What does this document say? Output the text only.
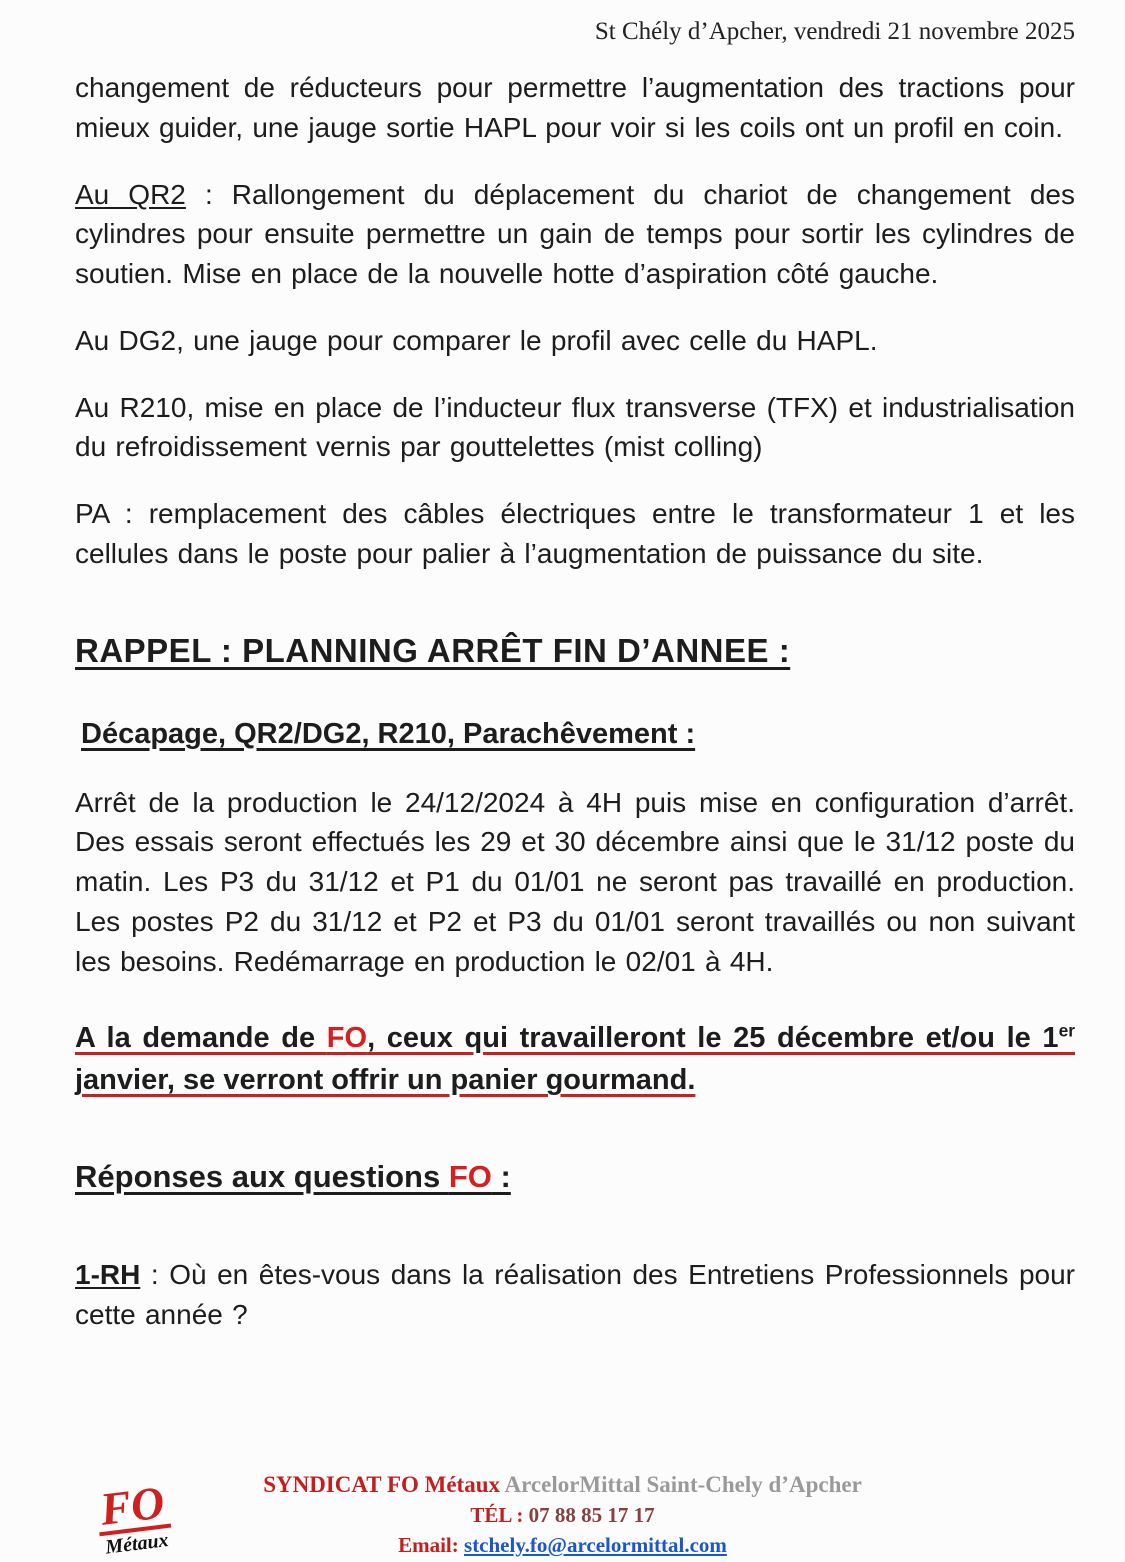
St Chély d’Apcher, vendredi 21 novembre 2025

changement de réducteurs pour permettre l’augmentation des tractions pour mieux guider, une jauge sortie HAPL pour voir si les coils ont un profil en coin.

Au QR2 : Rallongement du déplacement du chariot de changement des cylindres pour ensuite permettre un gain de temps pour sortir les cylindres de soutien. Mise en place de la nouvelle hotte d’aspiration côté gauche.

Au DG2, une jauge pour comparer le profil avec celle du HAPL.

Au R210, mise en place de l’inducteur flux transverse (TFX) et industrialisation du refroidissement vernis par gouttelettes (mist colling)

PA : remplacement des câbles électriques entre le transformateur 1 et les cellules dans le poste pour palier à l’augmentation de puissance du site.

RAPPEL : PLANNING ARRÊT FIN D’ANNEE :
Décapage, QR2/DG2, R210, Parachêvement :

Arrêt de la production le 24/12/2024 à 4H puis mise en configuration d’arrêt. Des essais seront effectués les 29 et 30 décembre ainsi que le 31/12 poste du matin. Les P3 du 31/12 et P1 du 01/01 ne seront pas travaillé en production. Les postes P2 du 31/12 et P2 et P3 du 01/01 seront travaillés ou non suivant les besoins. Redémarrage en production le 02/01 à 4H.

A la demande de FO, ceux qui travailleront le 25 décembre et/ou le 1er janvier, se verront offrir un panier gourmand.

Réponses aux questions FO :

1-RH : Où en êtes-vous dans la réalisation des Entretiens Professionnels pour cette année ?

FO
Métaux
SYNDICAT FO Métaux ArcelorMittal Saint-Chely d’Apcher
TÉL : 07 88 85 17 17
Email: stchely.fo@arcelormittal.com
